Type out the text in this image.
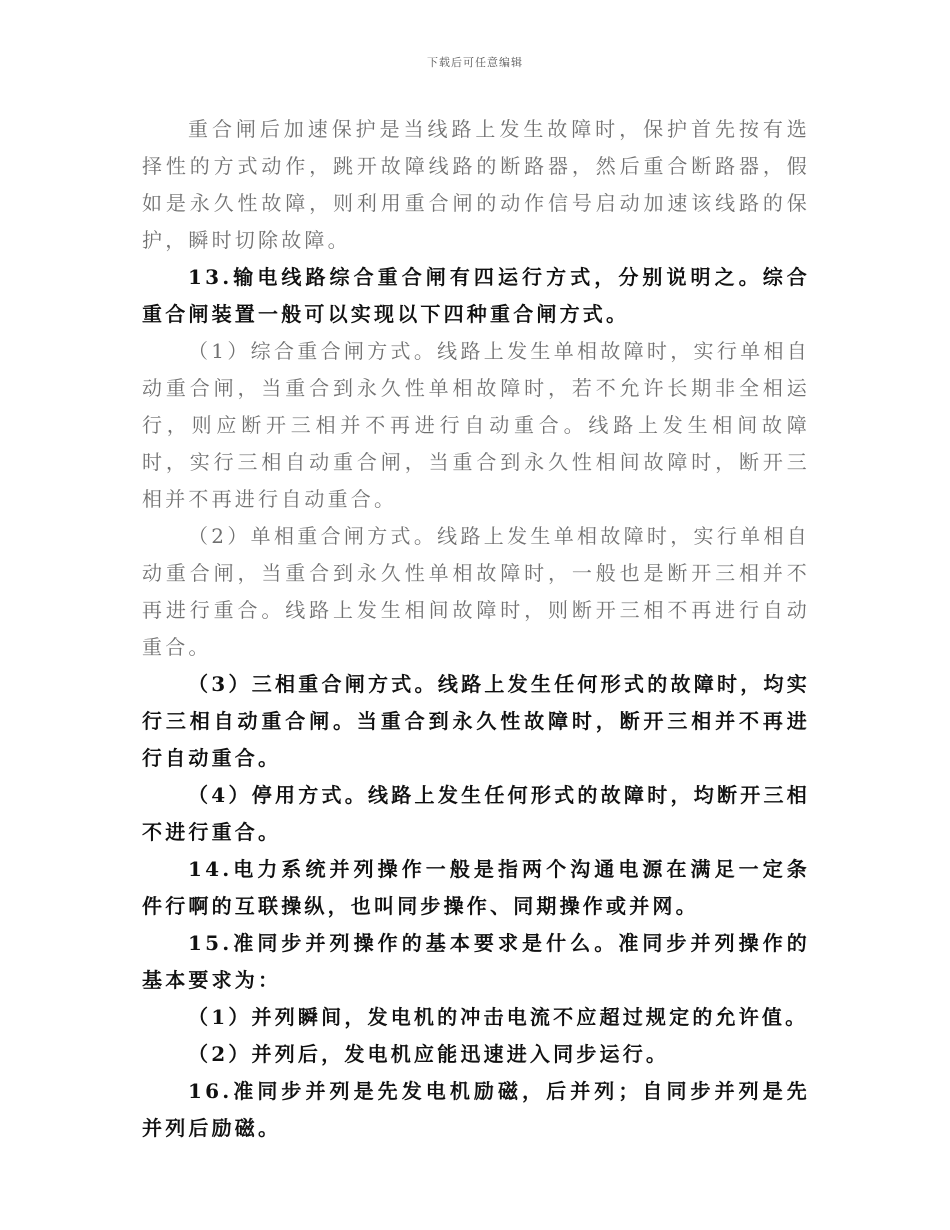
下载后可任意编辑

重合闸后加速保护是当线路上发生故障时，保护首先按有选择性的方式动作，跳开故障线路的断路器，然后重合断路器，假如是永久性故障，则利用重合闸的动作信号启动加速该线路的保护，瞬时切除故障。

13.输电线路综合重合闸有四运行方式，分别说明之。综合重合闸装置一般可以实现以下四种重合闸方式。

（1）综合重合闸方式。线路上发生单相故障时，实行单相自动重合闸，当重合到永久性单相故障时，若不允许长期非全相运行，则应断开三相并不再进行自动重合。线路上发生相间故障时，实行三相自动重合闸，当重合到永久性相间故障时，断开三相并不再进行自动重合。

（2）单相重合闸方式。线路上发生单相故障时，实行单相自动重合闸，当重合到永久性单相故障时，一般也是断开三相并不再进行重合。线路上发生相间故障时，则断开三相不再进行自动重合。

（3）三相重合闸方式。线路上发生任何形式的故障时，均实行三相自动重合闸。当重合到永久性故障时，断开三相并不再进行自动重合。

（4）停用方式。线路上发生任何形式的故障时，均断开三相不进行重合。

14.电力系统并列操作一般是指两个沟通电源在满足一定条件行啊的互联操纵，也叫同步操作、同期操作或并网。

15.准同步并列操作的基本要求是什么。准同步并列操作的基本要求为：

（1）并列瞬间，发电机的冲击电流不应超过规定的允许值。

（2）并列后，发电机应能迅速进入同步运行。

16.准同步并列是先发电机励磁，后并列；自同步并列是先并列后励磁。
